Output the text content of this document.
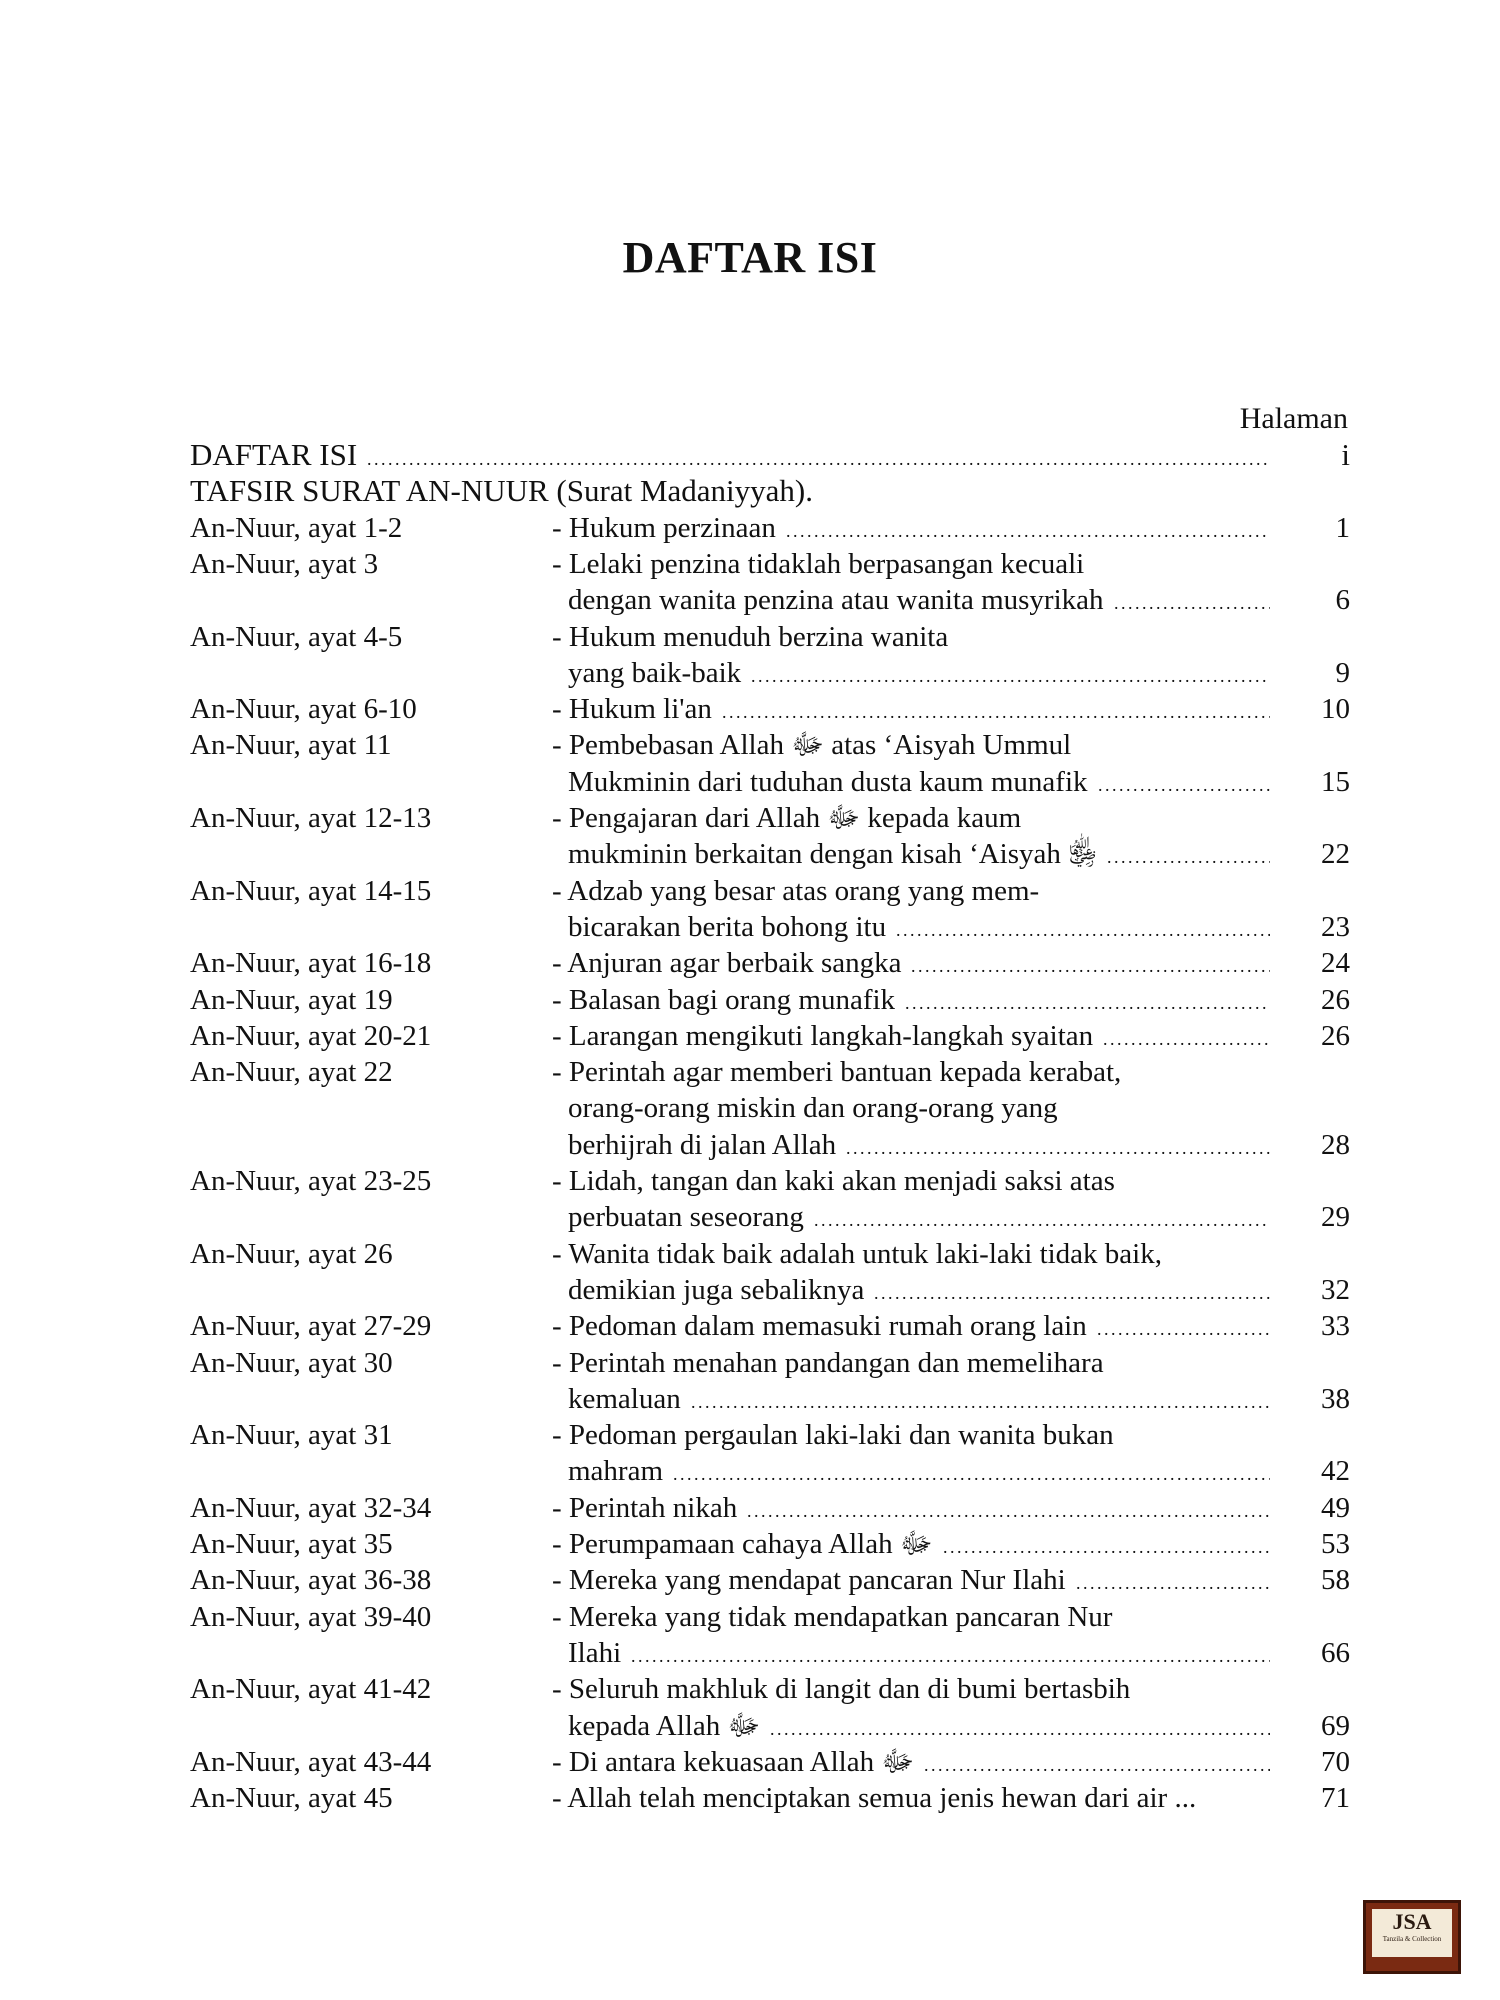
DAFTAR ISI
Halaman
DAFTAR ISI	i
. . .
TAFSIR SURAT AN-NUUR (Surat Madaniyyah).
An-Nuur, ayat 1-2	- Hukum perzinaan	1
. . .
An-Nuur, ayat 3	- Lelaki penzina tidaklah berpasangan kecuali
dengan wanita penzina atau wanita musyrikah	6
. . .
An-Nuur, ayat 4-5	- Hukum menuduh berzina wanita
yang baik-baik	9
. . .
An-Nuur, ayat 6-10	- Hukum li'an	10
. . .
An-Nuur, ayat 11	- Pembebasan Allah ﷻ atas ‘Aisyah Ummul
Mukminin dari tuduhan dusta kaum munafik	15
. . .
An-Nuur, ayat 12-13	- Pengajaran dari Allah ﷻ kepada kaum
mukminin berkaitan dengan kisah ‘Aisyah ﵂	22
. . .
An-Nuur, ayat 14-15	- Adzab yang besar atas orang yang mem-
bicarakan berita bohong itu	23
. . .
An-Nuur, ayat 16-18	- Anjuran agar berbaik sangka	24
. . .
An-Nuur, ayat 19	- Balasan bagi orang munafik	26
. . .
An-Nuur, ayat 20-21	- Larangan mengikuti langkah-langkah syaitan	26
. . .
An-Nuur, ayat 22	- Perintah agar memberi bantuan kepada kerabat,
orang-orang miskin dan orang-orang yang
berhijrah di jalan Allah	28
. . .
An-Nuur, ayat 23-25	- Lidah, tangan dan kaki akan menjadi saksi atas
perbuatan seseorang	29
. . .
An-Nuur, ayat 26	- Wanita tidak baik adalah untuk laki-laki tidak baik,
demikian juga sebaliknya	32
. . .
An-Nuur, ayat 27-29	- Pedoman dalam memasuki rumah orang lain	33
. . .
An-Nuur, ayat 30	- Perintah menahan pandangan dan memelihara
kemaluan	38
. . .
An-Nuur, ayat 31	- Pedoman pergaulan laki-laki dan wanita bukan
mahram	42
. . .
An-Nuur, ayat 32-34	- Perintah nikah	49
. . .
An-Nuur, ayat 35	- Perumpamaan cahaya Allah ﷻ	53
. . .
An-Nuur, ayat 36-38	- Mereka yang mendapat pancaran Nur Ilahi	58
. . .
An-Nuur, ayat 39-40	- Mereka yang tidak mendapatkan pancaran Nur
Ilahi	66
. . .
An-Nuur, ayat 41-42	- Seluruh makhluk di langit dan di bumi bertasbih
kepada Allah ﷻ	69
. . .
An-Nuur, ayat 43-44	- Di antara kekuasaan Allah ﷻ	70
. . .
An-Nuur, ayat 45	- Allah telah menciptakan semua jenis hewan dari air ...	71
JSA
Tanzila & Collection
